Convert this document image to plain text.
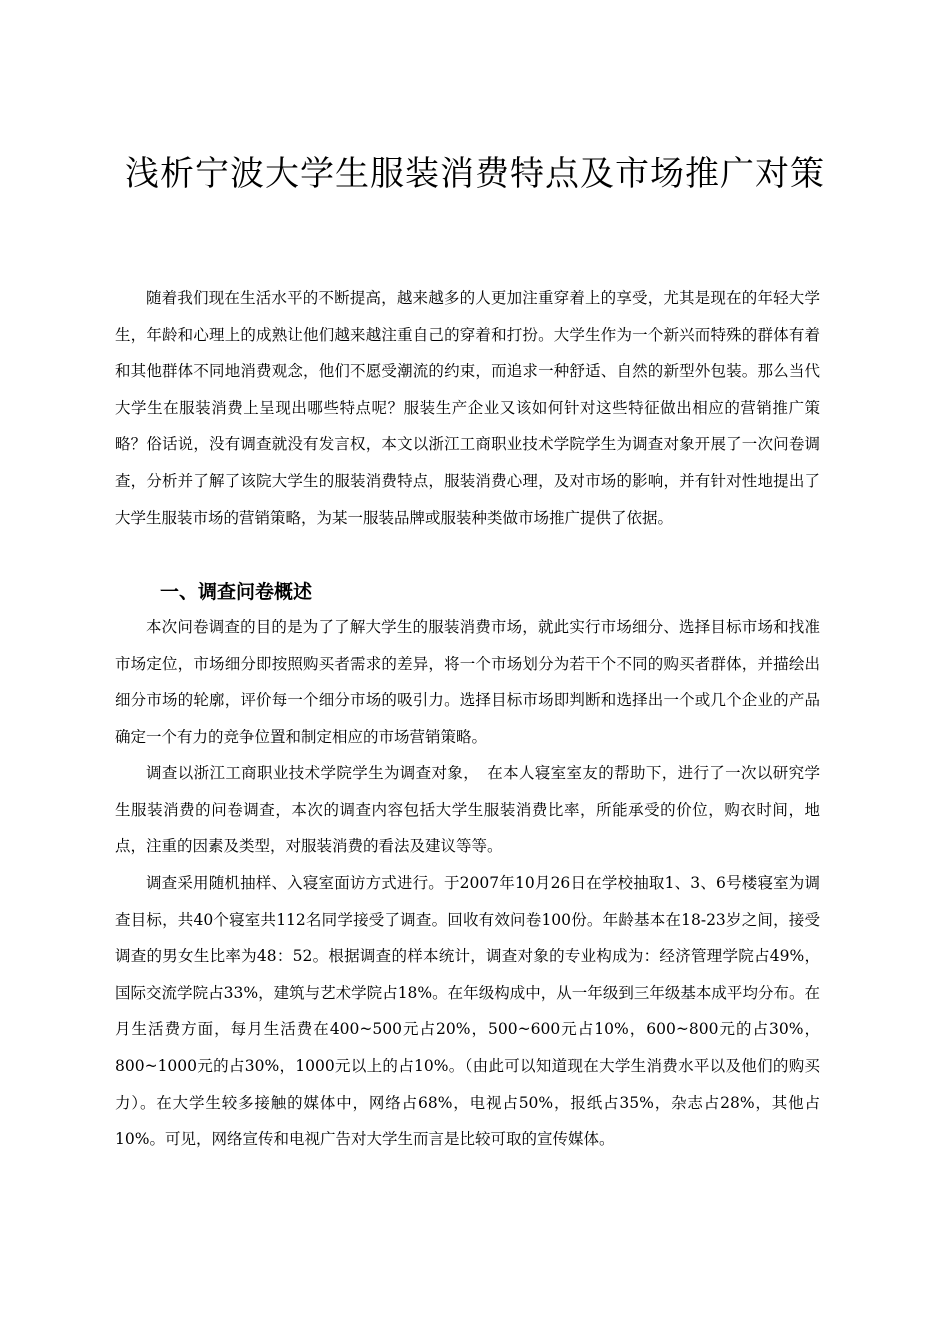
浅析宁波大学生服装消费特点及市场推广对策

随着我们现在生活水平的不断提高，越来越多的人更加注重穿着上的享受，尤其是现在的年轻大学生，年龄和心理上的成熟让他们越来越注重自己的穿着和打扮。大学生作为一个新兴而特殊的群体有着和其他群体不同地消费观念，他们不愿受潮流的约束，而追求一种舒适、自然的新型外包装。那么当代大学生在服装消费上呈现出哪些特点呢？服装生产企业又该如何针对这些特征做出相应的营销推广策略？俗话说，没有调查就没有发言权，本文以浙江工商职业技术学院学生为调查对象开展了一次问卷调查，分析并了解了该院大学生的服装消费特点，服装消费心理，及对市场的影响，并有针对性地提出了大学生服装市场的营销策略，为某一服装品牌或服装种类做市场推广提供了依据。

一、调查问卷概述

本次问卷调查的目的是为了了解大学生的服装消费市场，就此实行市场细分、选择目标市场和找准市场定位，市场细分即按照购买者需求的差异，将一个市场划分为若干个不同的购买者群体，并描绘出细分市场的轮廓，评价每一个细分市场的吸引力。选择目标市场即判断和选择出一个或几个企业的产品确定一个有力的竞争位置和制定相应的市场营销策略。

调查以浙江工商职业技术学院学生为调查对象，　在本人寝室室友的帮助下，进行了一次以研究学生服装消费的问卷调查，本次的调查内容包括大学生服装消费比率，所能承受的价位，购衣时间，地点，注重的因素及类型，对服装消费的看法及建议等等。

调查采用随机抽样、入寝室面访方式进行。于2007年10月26日在学校抽取1、3、6号楼寝室为调查目标，共40个寝室共112名同学接受了调查。回收有效问卷100份。年龄基本在18-23岁之间，接受调查的男女生比率为48：52。根据调查的样本统计，调查对象的专业构成为：经济管理学院占49%，国际交流学院占33%，建筑与艺术学院占18%。在年级构成中，从一年级到三年级基本成平均分布。在月生活费方面，每月生活费在400~500元占20%，500~600元占10%，600~800元的占30%，800~1000元的占30%，1000元以上的占10%。（由此可以知道现在大学生消费水平以及他们的购买力）。在大学生较多接触的媒体中，网络占68%，电视占50%，报纸占35%，杂志占28%，其他占10%。可见，网络宣传和电视广告对大学生而言是比较可取的宣传媒体。
